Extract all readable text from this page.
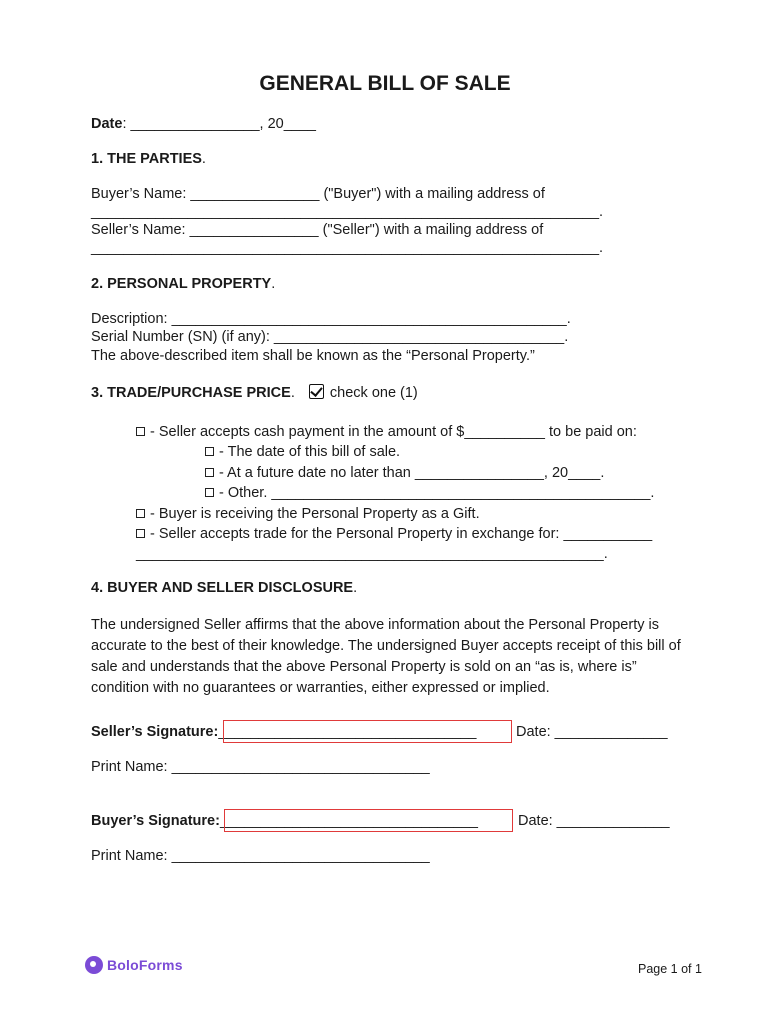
GENERAL BILL OF SALE
Date: ________________, 20____
1. THE PARTIES.
Buyer’s Name: ________________ ("Buyer") with a mailing address of
_______________________________________________________________.
Seller’s Name: ________________ ("Seller") with a mailing address of
_______________________________________________________________.
2. PERSONAL PROPERTY.
Description: _________________________________________________.
Serial Number (SN) (if any): ____________________________________.
The above-described item shall be known as the “Personal Property.”
3. TRADE/PURCHASE PRICE. check one (1)
- Seller accepts cash payment in the amount of $__________ to be paid on:
- The date of this bill of sale.
- At a future date no later than ________________, 20____.
- Other. _______________________________________________.
- Buyer is receiving the Personal Property as a Gift.
- Seller accepts trade for the Personal Property in exchange for: ___________
__________________________________________________________.
4. BUYER AND SELLER DISCLOSURE.
The undersigned Seller affirms that the above information about the Personal Property is accurate to the best of their knowledge. The undersigned Buyer accepts receipt of this bill of sale and understands that the above Personal Property is sold on an “as is, where is” condition with no guarantees or warranties, either expressed or implied.
Seller’s Signature:________________________________	Date: ______________
Print Name: ________________________________
Buyer’s Signature:________________________________	Date: ______________
Print Name: ________________________________
BoloForms	Page 1 of 1
